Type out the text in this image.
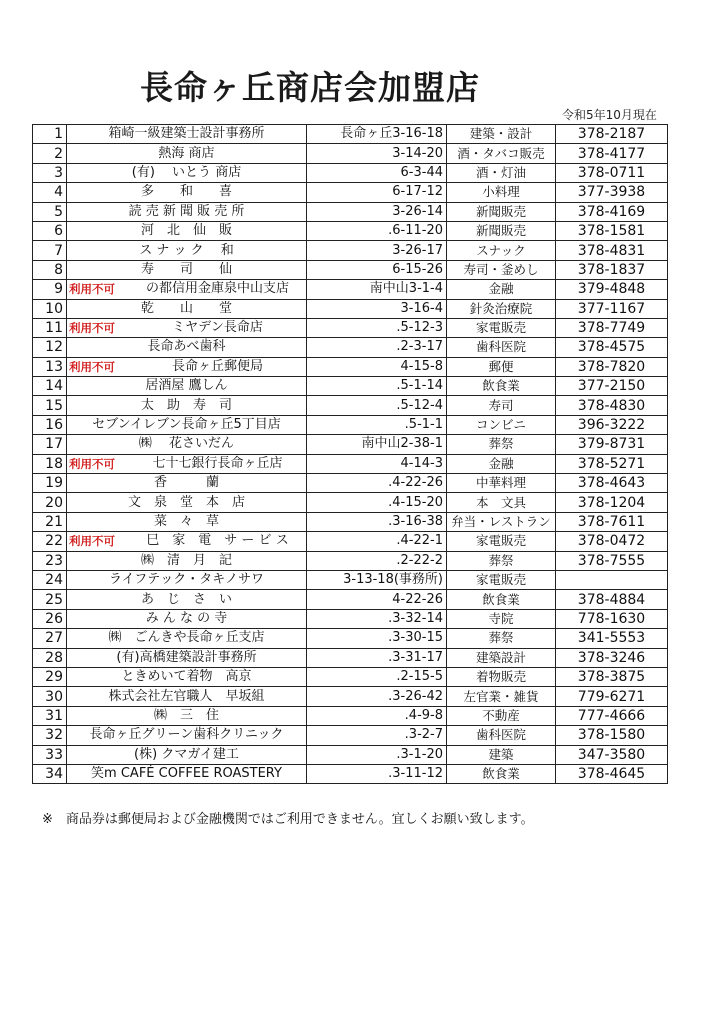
長命ヶ丘商店会加盟店
令和5年10月現在
1	箱崎一級建築士設計事務所	長命ヶ丘3-16-18	建築・設計	378-2187
2	熱海 商店	3-14-20	酒・タバコ販売	378-4177
3	(有)　 いとう 商店	6-3-44	酒・灯油	378-0711
4	多　　和　　喜	6-17-12	小料理	377-3938
5	読 売 新 聞 販 売 所	3-26-14	新聞販売	378-4169
6	河　北　仙　販	.6-11-20	新聞販売	378-1581
7	ス ナ ッ ク　 和	3-26-17	スナック	378-4831
8	寿　　司　　仙	6-15-26	寿司・釜めし	378-1837
9	利用不可 の都信用金庫泉中山支店	南中山3-1-4	金融	379-4848
10	乾　　山　　堂	3-16-4	針灸治療院	377-1167
11	利用不可 ミヤデン長命店	.5-12-3	家電販売	378-7749
12	長命あべ歯科	.2-3-17	歯科医院	378-4575
13	利用不可 長命ヶ丘郵便局	4-15-8	郵便	378-7820
14	居酒屋 鷹しん	.5-1-14	飲食業	377-2150
15	太　助　寿　司	.5-12-4	寿司	378-4830
16	セブンイレブン長命ヶ丘5丁目店	.5-1-1	コンビニ	396-3222
17	㈱　 花さいだん	南中山2-38-1	葬祭	379-8731
18	利用不可 七十七銀行長命ヶ丘店	4-14-3	金融	378-5271
19	香　　　蘭	.4-22-26	中華料理	378-4643
20	文　泉　堂　本　店	.4-15-20	本　文具	378-1204
21	菜　々　草	.3-16-38	弁当・レストラン	378-7611
22	利用不可 巳　家　電　サ ー ビ ス	.4-22-1	家電販売	378-0472
23	㈱　清　月　記	.2-22-2	葬祭	378-7555
24	ライフテック・タキノサワ	3-13-18(事務所)	家電販売	
25	あ　じ　さ　い	4-22-26	飲食業	378-4884
26	み ん な の 寺	.3-32-14	寺院	778-1630
27	㈱　ごんきや長命ヶ丘支店	.3-30-15	葬祭	341-5553
28	(有)高橋建築設計事務所	.3-31-17	建築設計	378-3246
29	ときめいて着物　高京	.2-15-5	着物販売	378-3875
30	株式会社左官職人　早坂組	.3-26-42	左官業・雑貨	779-6271
31	㈱　三　住	.4-9-8	不動産	777-4666
32	長命ヶ丘グリーン歯科クリニック	.3-2-7	歯科医院	378-1580
33	(株) クマガイ建工	.3-1-20	建築	347-3580
34	笑m CAFÉ COFFEE ROASTERY	.3-11-12	飲食業	378-4645
※　商品券は郵便局および金融機関ではご利用できません。宜しくお願い致します。
